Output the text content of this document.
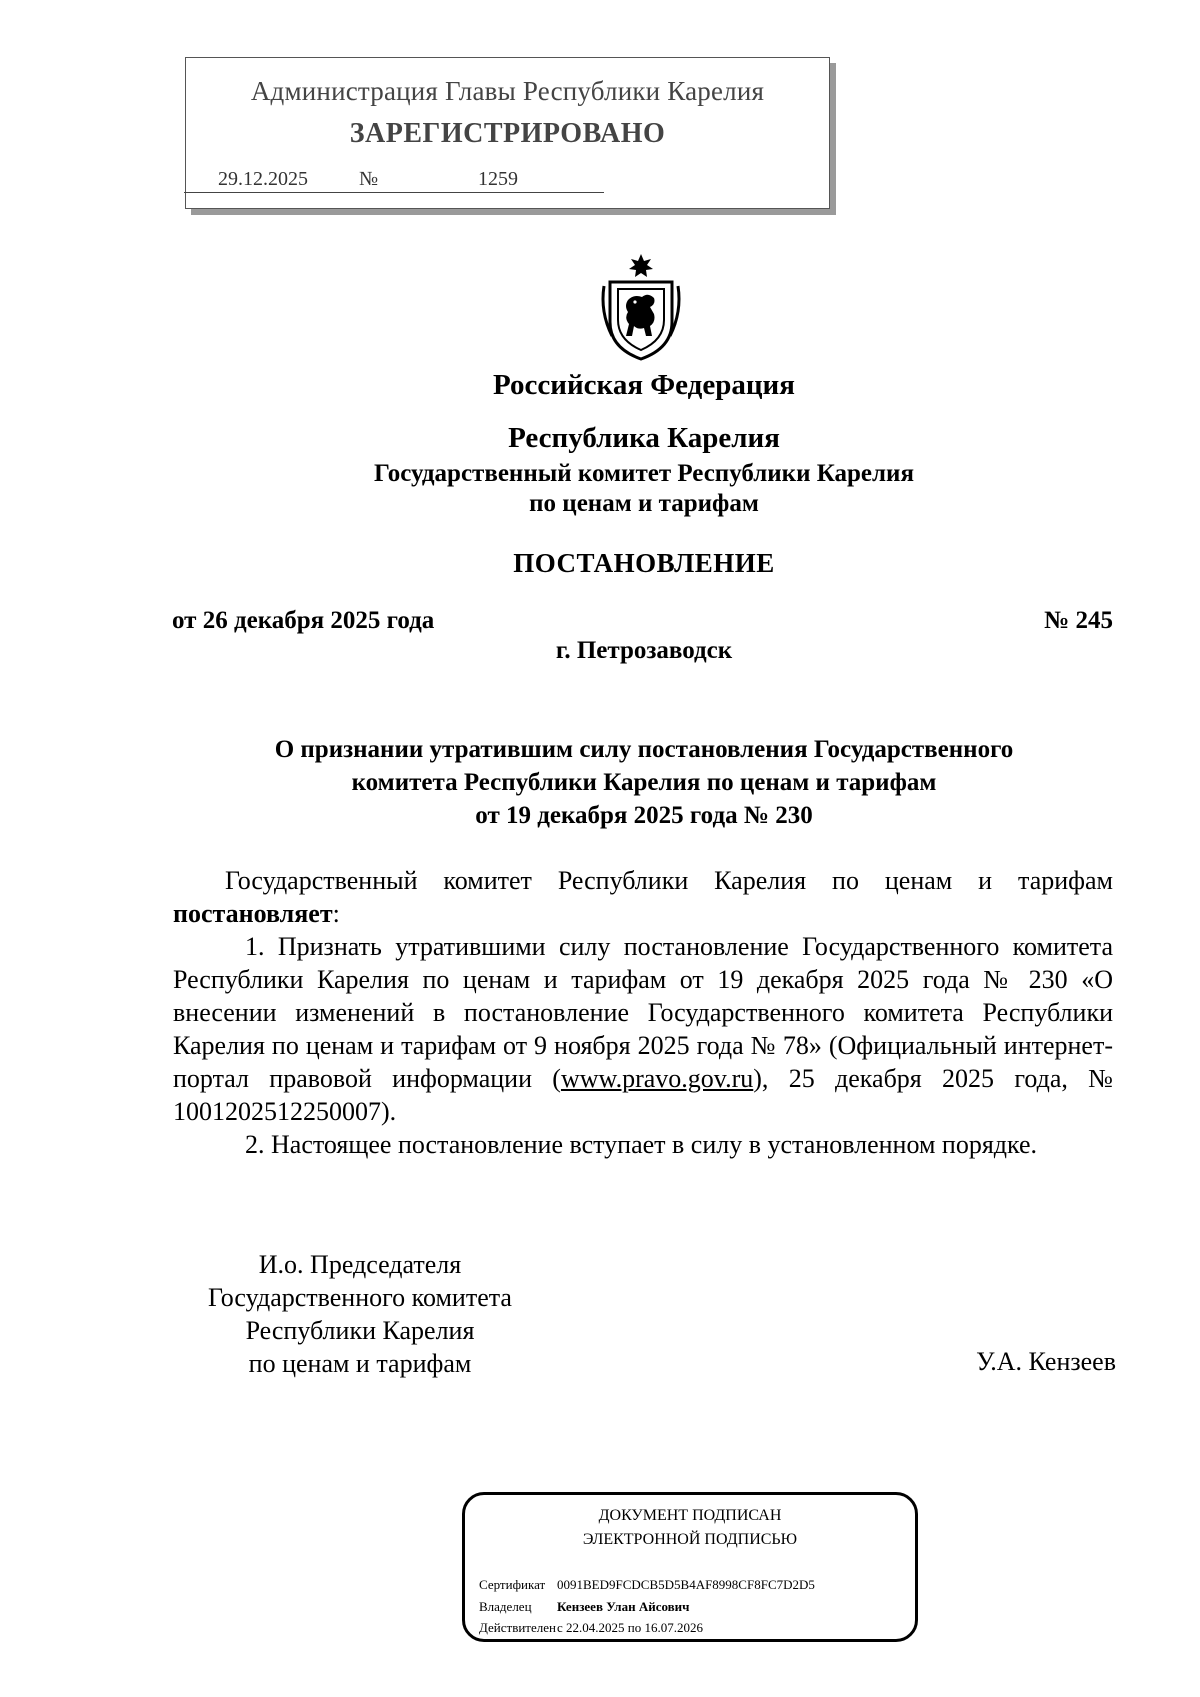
Администрация Главы Республики Карелия
ЗАРЕГИСТРИРОВАНО
29.12.2025	№	1259
Российская Федерация
Республика Карелия
Государственный комитет Республики Карелия
по ценам и тарифам
ПОСТАНОВЛЕНИЕ
от 26 декабря 2025 года	№ 245
г. Петрозаводск
О признании утратившим силу постановления Государственного
комитета Республики Карелия по ценам и тарифам
от 19 декабря 2025 года № 230

Государственный комитет Республики Карелия по ценам и тарифам постановляет:

1. Признать утратившими силу постановление Государственного комитета Республики Карелия по ценам и тарифам от 19 декабря 2025 года № 230 «О внесении изменений в постановление Государственного комитета Республики Карелия по ценам и тарифам от 9 ноября 2025 года № 78» (Официальный интернет-портал правовой информации (www.pravo.gov.ru), 25 декабря 2025 года, № 1001202512250007).

2. Настоящее постановление вступает в силу в установленном порядке.

И.о. Председателя
Государственного комитета
Республики Карелия
по ценам и тарифам	У.А. Кензеев
ДОКУМЕНТ ПОДПИСАН
ЭЛЕКТРОННОЙ ПОДПИСЬЮ
Сертификат 0091BED9FCDCB5D5B4AF8998CF8FC7D2D5
Владелец Кензеев Улан Айсович
Действителенс 22.04.2025 по 16.07.2026
